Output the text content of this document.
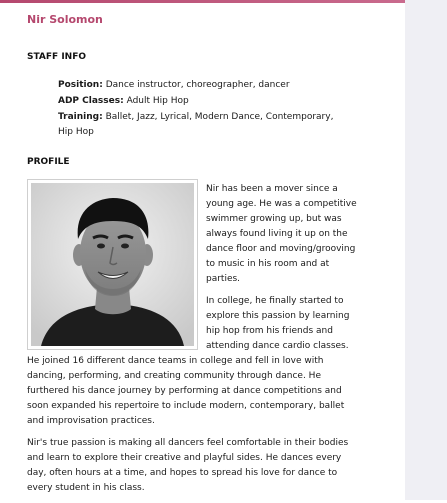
Nir Solomon
STAFF INFO
Position: Dance instructor, choreographer, dancer
ADP Classes: Adult Hip Hop
Training: Ballet, Jazz, Lyrical, Modern Dance, Contemporary, Hip Hop
PROFILE

Nir has been a mover since a young age. He was a competitive swimmer growing up, but was always found living it up on the dance floor and moving/grooving to music in his room and at parties.

In college, he finally started to explore this passion by learning hip hop from his friends and attending dance cardio classes. He joined 16 different dance teams in college and fell in love with dancing, performing, and creating community through dance. He furthered his dance journey by performing at dance competitions and soon expanded his repertoire to include modern, contemporary, ballet and improvisation practices.

Nir's true passion is making all dancers feel comfortable in their bodies and learn to explore their creative and playful sides. He dances every day, often hours at a time, and hopes to spread his love for dance to every student in his class.
